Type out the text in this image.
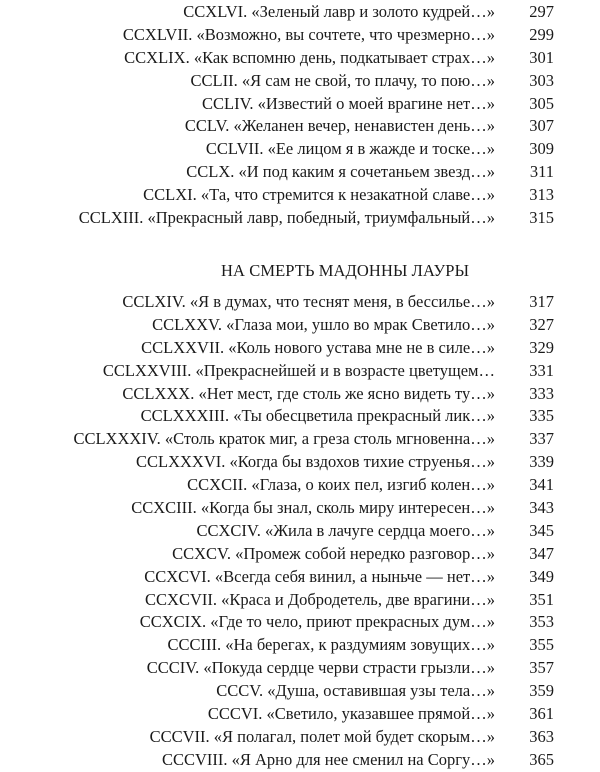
CCXLVI. «Зеленый лавр и золото кудрей…» 297
CCXLVII. «Возможно, вы сочтете, что чрезмерно…» 299
CCXLIX. «Как вспомню день, подкатывает страх…» 301
CCLII. «Я сам не свой, то плачу, то пою…» 303
CCLIV. «Известий о моей врагине нет…» 305
CCLV. «Желанен вечер, ненавистен день…» 307
CCLVII. «Ее лицом я в жажде и тоске…» 309
CCLX. «И под каким я сочетаньем звезд…» 311
CCLXI. «Та, что стремится к незакатной славе…» 313
CCLXIII. «Прекрасный лавр, победный, триумфальный…» 315
НА СМЕРТЬ МАДОННЫ ЛАУРЫ
CCLXIV. «Я в думах, что теснят меня, в бессилье…» 317
CCLXXV. «Глаза мои, ушло во мрак Светило…» 327
CCLXXVII. «Коль нового устава мне не в силе…» 329
CCLXXVIII. «Прекраснейшей и в возрасте цветущем… 331
CCLXXX. «Нет мест, где столь же ясно видеть ту…» 333
CCLXXXIII. «Ты обесцветила прекрасный лик…» 335
CCLXXXIV. «Столь краток миг, а греза столь мгновенна…» 337
CCLXXXVI. «Когда бы вздохов тихие струенья…» 339
CCXCII. «Глаза, о коих пел, изгиб колен…» 341
CCXCIII. «Когда бы знал, сколь миру интересен…» 343
CCXCIV. «Жила в лачуге сердца моего…» 345
CCXCV. «Промеж собой нередко разговор…» 347
CCXCVI. «Всегда себя винил, а ныньче — нет…» 349
CCXCVII. «Краса и Добродетель, две врагини…» 351
CCXCIX. «Где то чело, приют прекрасных дум…» 353
CCCIII. «На берегах, к раздумиям зовущих…» 355
CCCIV. «Покуда сердце черви страсти грызли…» 357
CCCV. «Душа, оставившая узы тела…» 359
CCCVI. «Светило, указавшее прямой…» 361
CCCVII. «Я полагал, полет мой будет скорым…» 363
CCCVIII. «Я Арно для нее сменил на Соргу…» 365
